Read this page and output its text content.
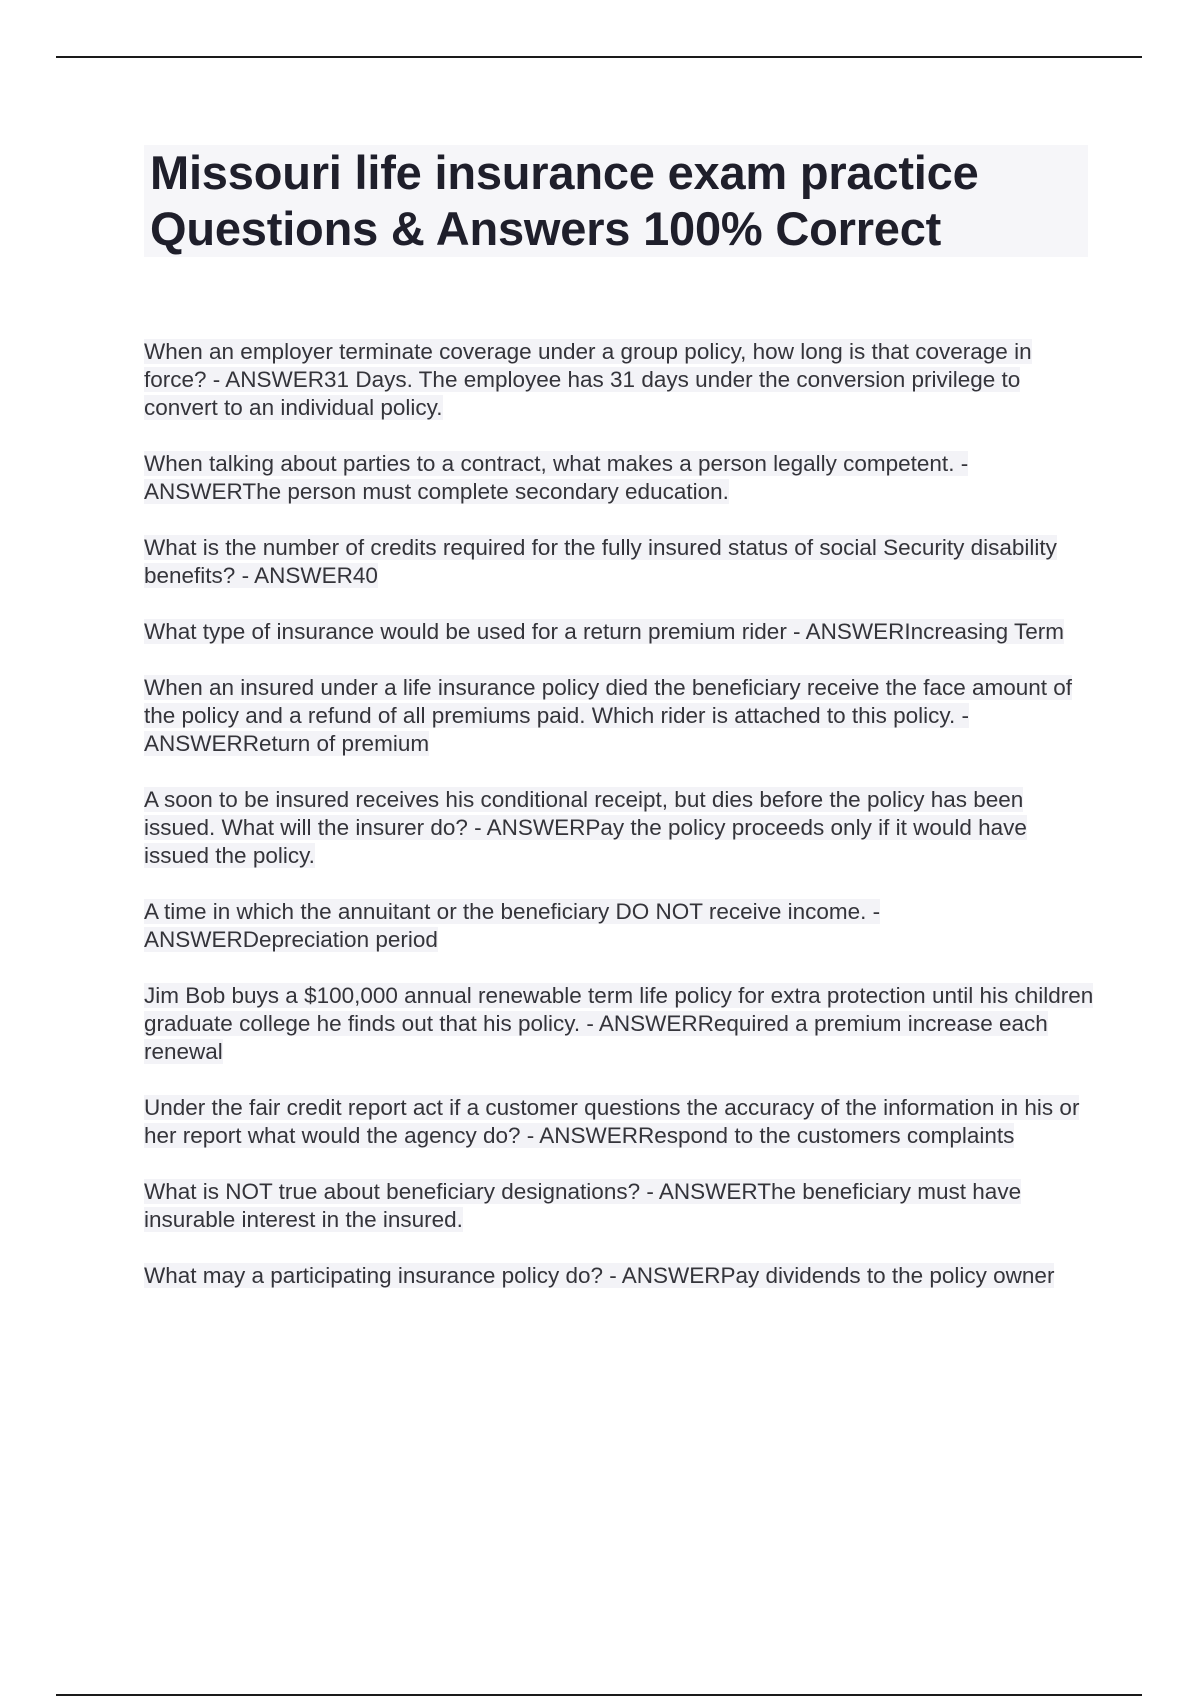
Missouri life insurance exam practice Questions & Answers 100% Correct

When an employer terminate coverage under a group policy, how long is that coverage in force? - ANSWER31 Days. The employee has 31 days under the conversion privilege to convert to an individual policy.

When talking about parties to a contract, what makes a person legally competent. - ANSWERThe person must complete secondary education.

What is the number of credits required for the fully insured status of social Security disability benefits? - ANSWER40

What type of insurance would be used for a return premium rider - ANSWERIncreasing Term

When an insured under a life insurance policy died the beneficiary receive the face amount of the policy and a refund of all premiums paid. Which rider is attached to this policy. - ANSWERReturn of premium

A soon to be insured receives his conditional receipt, but dies before the policy has been issued. What will the insurer do? - ANSWERPay the policy proceeds only if it would have issued the policy.

A time in which the annuitant or the beneficiary DO NOT receive income. - ANSWERDepreciation period

Jim Bob buys a $100,000 annual renewable term life policy for extra protection until his children graduate college he finds out that his policy. - ANSWERRequired a premium increase each renewal

Under the fair credit report act if a customer questions the accuracy of the information in his or her report what would the agency do? - ANSWERRespond to the customers complaints

What is NOT true about beneficiary designations? - ANSWERThe beneficiary must have insurable interest in the insured.

What may a participating insurance policy do? - ANSWERPay dividends to the policy owner
